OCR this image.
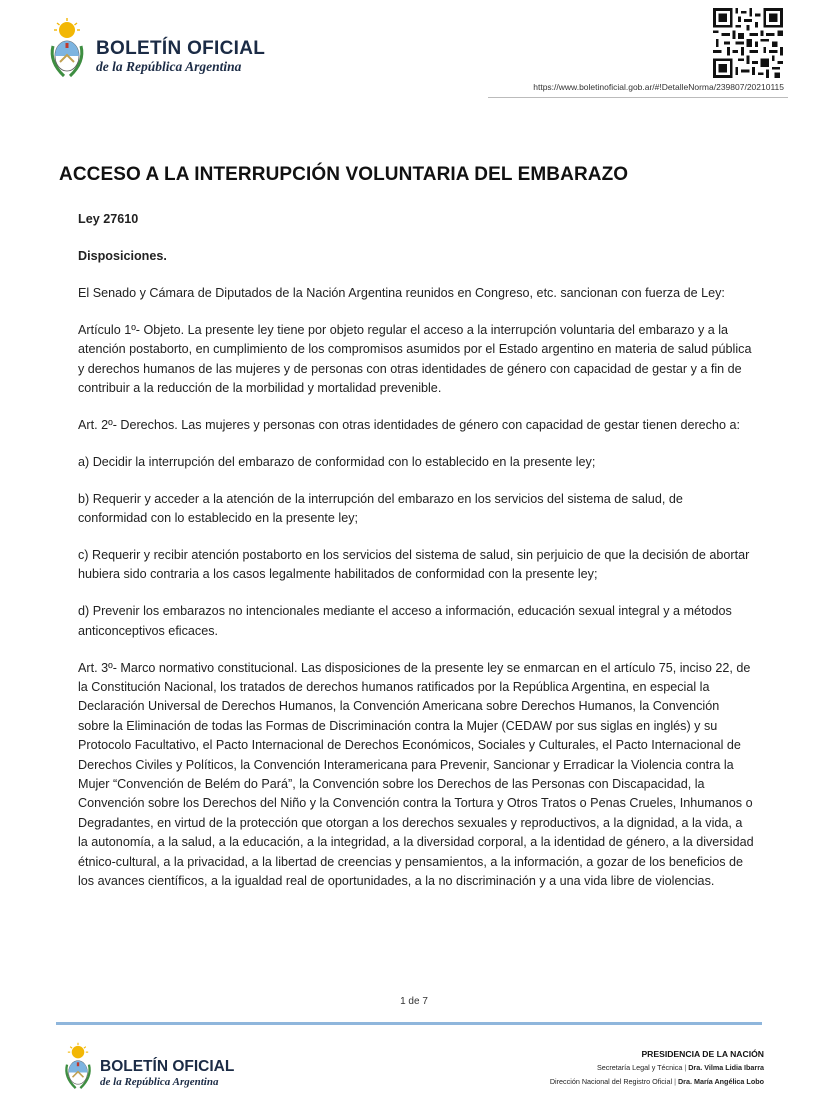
BOLETÍN OFICIAL
de la República Argentina
https://www.boletinoficial.gob.ar/#!DetalleNorma/239807/20210115
ACCESO A LA INTERRUPCIÓN VOLUNTARIA DEL EMBARAZO

Ley 27610

Disposiciones.

El Senado y Cámara de Diputados de la Nación Argentina reunidos en Congreso, etc. sancionan con fuerza de Ley:

Artículo 1º- Objeto. La presente ley tiene por objeto regular el acceso a la interrupción voluntaria del embarazo y a la atención postaborto, en cumplimiento de los compromisos asumidos por el Estado argentino en materia de salud pública y derechos humanos de las mujeres y de personas con otras identidades de género con capacidad de gestar y a fin de contribuir a la reducción de la morbilidad y mortalidad prevenible.

Art. 2º- Derechos. Las mujeres y personas con otras identidades de género con capacidad de gestar tienen derecho a:

a) Decidir la interrupción del embarazo de conformidad con lo establecido en la presente ley;

b) Requerir y acceder a la atención de la interrupción del embarazo en los servicios del sistema de salud, de conformidad con lo establecido en la presente ley;

c) Requerir y recibir atención postaborto en los servicios del sistema de salud, sin perjuicio de que la decisión de abortar hubiera sido contraria a los casos legalmente habilitados de conformidad con la presente ley;

d) Prevenir los embarazos no intencionales mediante el acceso a información, educación sexual integral y a métodos anticonceptivos eficaces.

Art. 3º- Marco normativo constitucional. Las disposiciones de la presente ley se enmarcan en el artículo 75, inciso 22, de la Constitución Nacional, los tratados de derechos humanos ratificados por la República Argentina, en especial la Declaración Universal de Derechos Humanos, la Convención Americana sobre Derechos Humanos, la Convención sobre la Eliminación de todas las Formas de Discriminación contra la Mujer (CEDAW por sus siglas en inglés) y su Protocolo Facultativo, el Pacto Internacional de Derechos Económicos, Sociales y Culturales, el Pacto Internacional de Derechos Civiles y Políticos, la Convención Interamericana para Prevenir, Sancionar y Erradicar la Violencia contra la Mujer “Convención de Belém do Pará”, la Convención sobre los Derechos de las Personas con Discapacidad, la Convención sobre los Derechos del Niño y la Convención contra la Tortura y Otros Tratos o Penas Crueles, Inhumanos o Degradantes, en virtud de la protección que otorgan a los derechos sexuales y reproductivos, a la dignidad, a la vida, a la autonomía, a la salud, a la educación, a la integridad, a la diversidad corporal, a la identidad de género, a la diversidad étnico-cultural, a la privacidad, a la libertad de creencias y pensamientos, a la información, a gozar de los beneficios de los avances científicos, a la igualdad real de oportunidades, a la no discriminación y a una vida libre de violencias.

1 de 7
BOLETÍN OFICIAL
de la República Argentina
PRESIDENCIA DE LA NACIÓN
Secretaría Legal y Técnica | Dra. Vilma Lidia Ibarra
Dirección Nacional del Registro Oficial | Dra. María Angélica Lobo
